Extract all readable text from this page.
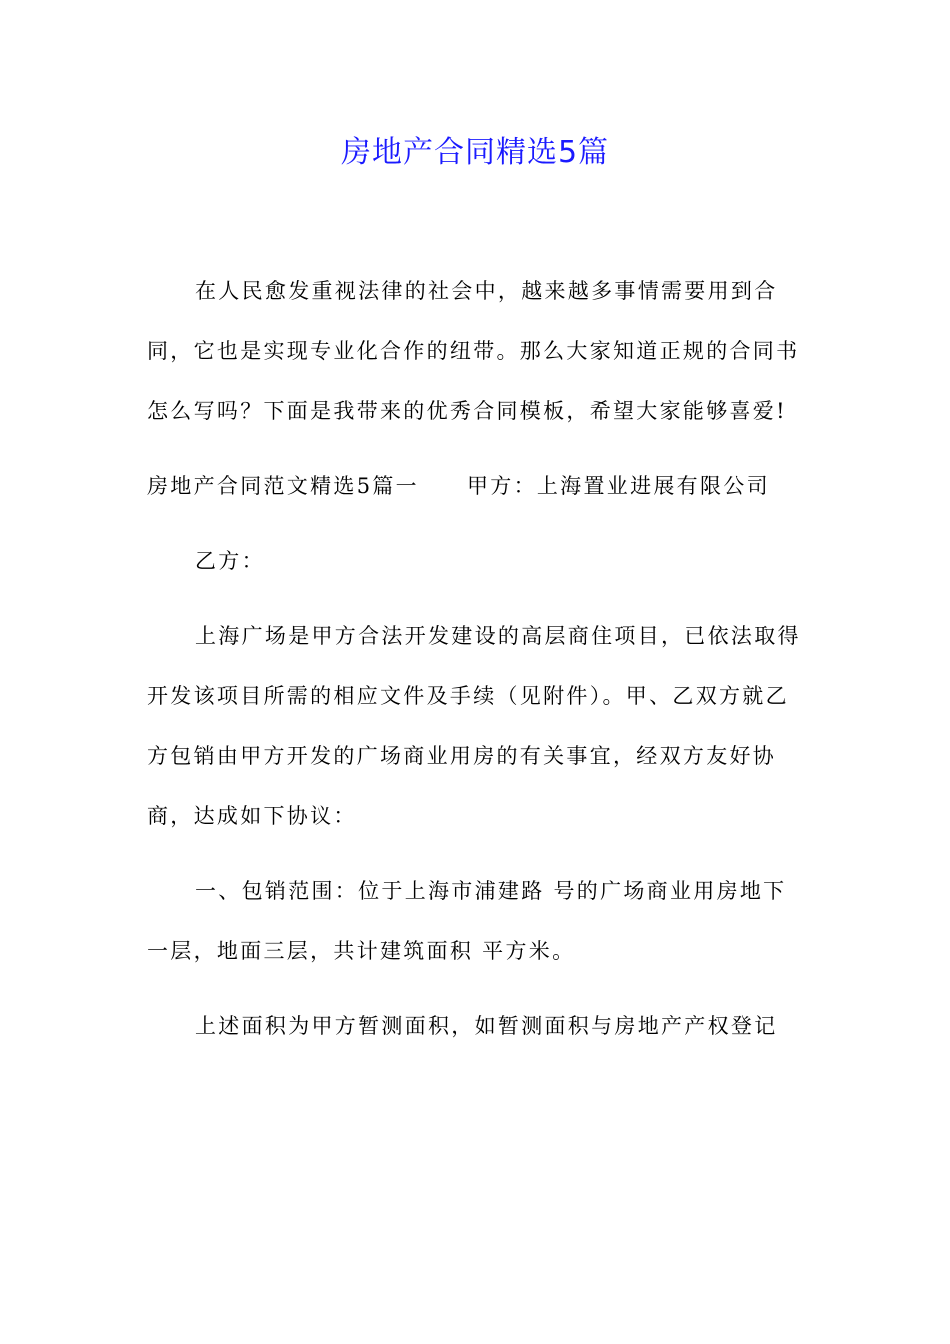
房地产合同精选5篇

在人民愈发重视法律的社会中，越来越多事情需要用到合同，它也是实现专业化合作的纽带。那么大家知道正规的合同书怎么写吗？下面是我带来的优秀合同模板，希望大家能够喜爱!

房地产合同范文精选5篇一 甲方：上海置业进展有限公司

乙方：

上海广场是甲方合法开发建设的高层商住项目，已依法取得开发该项目所需的相应文件及手续（见附件）。甲、乙双方就乙方包销由甲方开发的广场商业用房的有关事宜，经双方友好协商，达成如下协议：

一、包销范围：位于上海市浦建路 号的广场商业用房地下一层，地面三层，共计建筑面积 平方米。

上述面积为甲方暂测面积，如暂测面积与房地产产权登记
